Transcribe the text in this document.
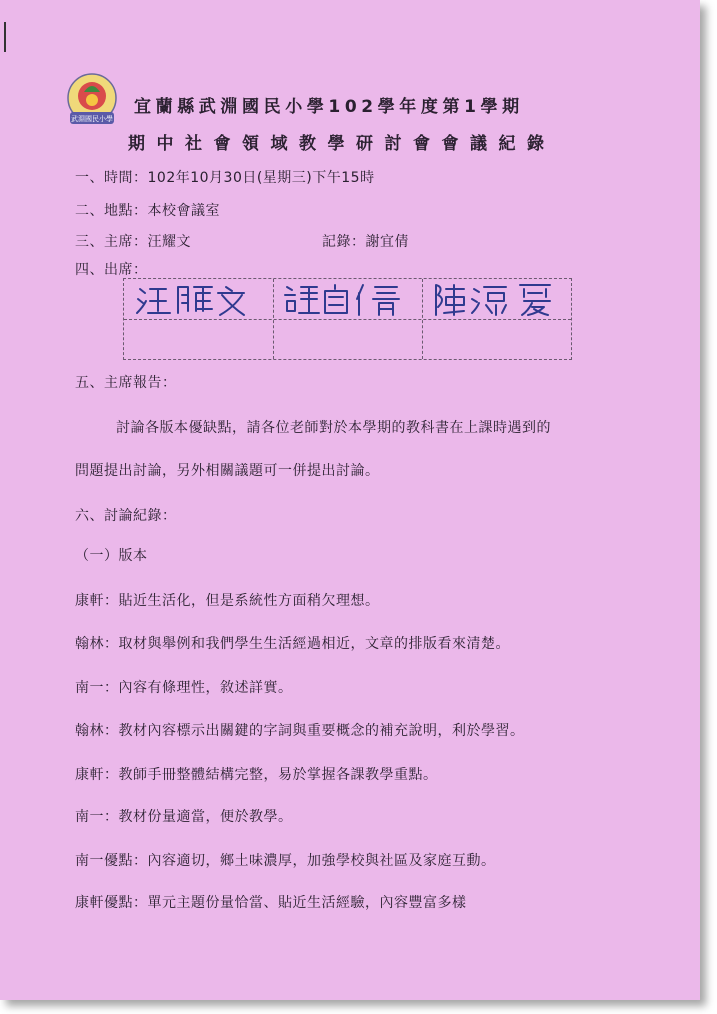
武淵國民小學
宜蘭縣武淵國民小學102學年度第1學期
期中社會領域教學研討會會議紀錄
一、時間：102年10月30日(星期三)下午15時
二、地點：本校會議室
三、主席：汪耀文	記錄：謝宜倩
四、出席：
五、主席報告：
討論各版本優缺點，請各位老師對於本學期的教科書在上課時遇到的
問題提出討論，另外相關議題可一併提出討論。
六、討論紀錄：
（一）版本
康軒：貼近生活化，但是系統性方面稍欠理想。
翰林：取材與舉例和我們學生生活經過相近，文章的排版看來清楚。
南一：內容有條理性，敘述詳實。
翰林：教材內容標示出關鍵的字詞與重要概念的補充說明，利於學習。
康軒：教師手冊整體結構完整，易於掌握各課教學重點。
南一：教材份量適當，便於教學。
南一優點：內容適切，鄉土味濃厚，加強學校與社區及家庭互動。
康軒優點：單元主題份量恰當、貼近生活經驗，內容豐富多樣
